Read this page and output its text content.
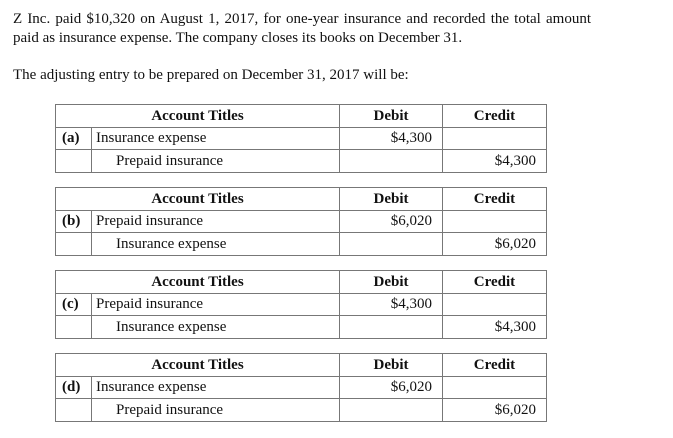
Z Inc. paid $10,320 on August 1, 2017, for one-year insurance and recorded the total amount paid as insurance expense. The company closes its books on December 31.

The adjusting entry to be prepared on December 31, 2017 will be:

Account Titles		Debit	Credit
(a)	Insurance expense	$4,300	
	Prepaid insurance		$4,300
Account Titles		Debit	Credit
(b)	Prepaid insurance	$6,020	
	Insurance expense		$6,020
Account Titles		Debit	Credit
(c)	Prepaid insurance	$4,300	
	Insurance expense		$4,300
Account Titles		Debit	Credit
(d)	Insurance expense	$6,020	
	Prepaid insurance		$6,020
